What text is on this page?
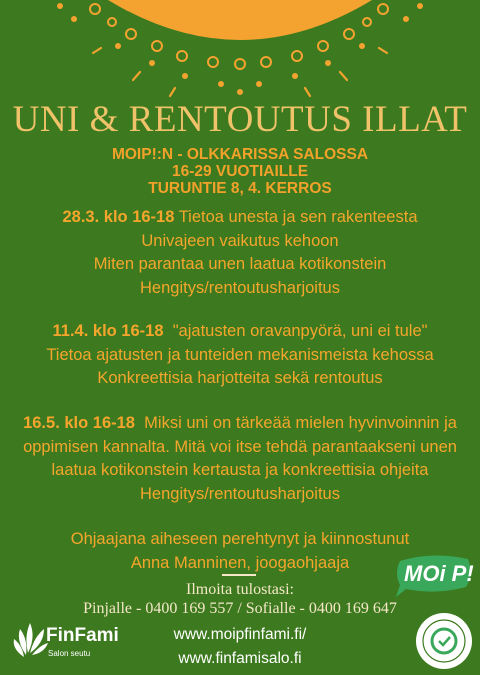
UNI & RENTOUTUS ILLAT

MOIP!:N - OLKKARISSA SALOSSA

16-29 VUOTIAILLE

TURUNTIE 8, 4. KERROS

28.3. klo 16-18 Tietoa unesta ja sen rakenteesta
Univajeen vaikutus kehoon
Miten parantaa unen laatua kotikonstein
Hengitys/rentoutusharjoitus
11.4. klo 16-18 "ajatusten oravanpyörä, uni ei tule"
Tietoa ajatusten ja tunteiden mekanismeista kehossa
Konkreettisia harjotteita sekä rentoutus
16.5. klo 16-18 Miksi uni on tärkeää mielen hyvinvoinnin ja
oppimisen kannalta. Mitä voi itse tehdä parantaakseni unen
laatua kotikonstein kertausta ja konkreettisia ohjeita
Hengitys/rentoutusharjoitus
Ohjaajana aiheseen perehtynyt ja kiinnostunut
Anna Manninen, joogaohjaaja

Ilmoita tulostasi:

Pinjalle - 0400 169 557 / Sofialle - 0400 169 647

www.moipfinfami.fi/

www.finfamisalo.fi

FinFami
Salon seutu
MOi P!
